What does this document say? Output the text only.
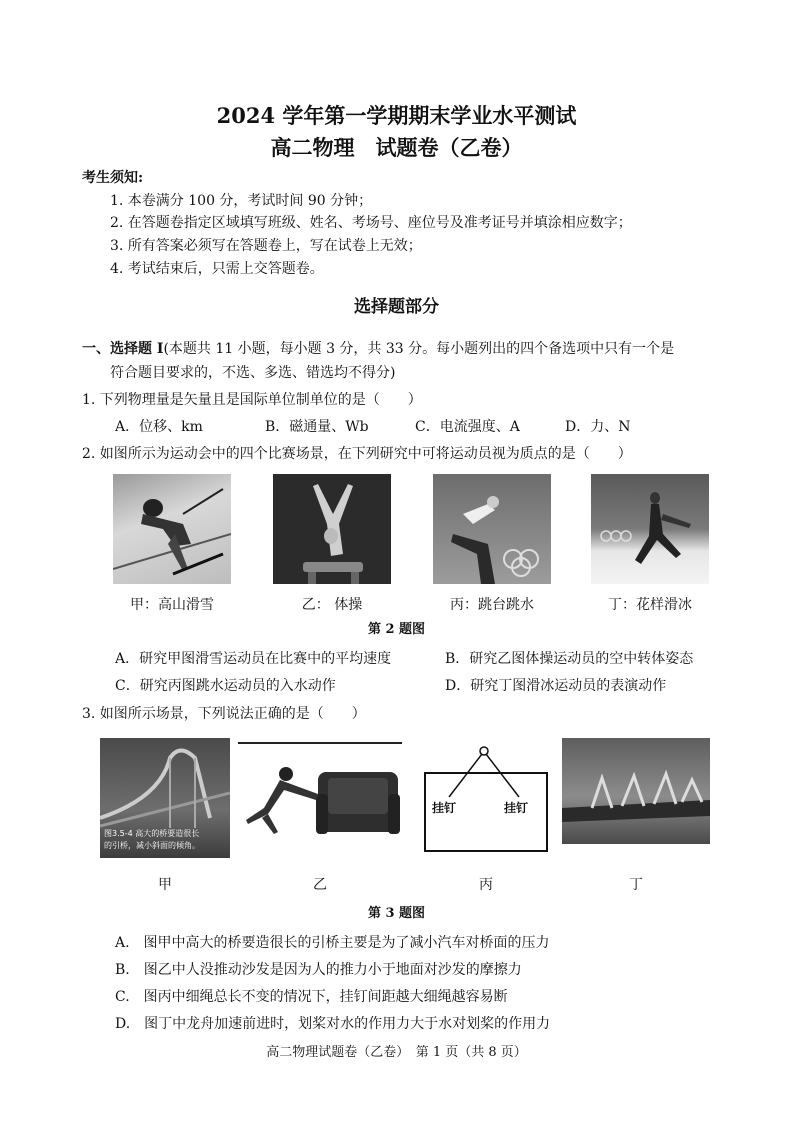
2024 学年第一学期期末学业水平测试
高二物理　试题卷（乙卷）
考生须知:
1. 本卷满分 100 分，考试时间 90 分钟；
2. 在答题卷指定区域填写班级、姓名、考场号、座位号及准考证号并填涂相应数字；
3. 所有答案必须写在答题卷上，写在试卷上无效；
4. 考试结束后，只需上交答题卷。
选择题部分
一、选择题 I(本题共 11 小题，每小题 3 分，共 33 分。每小题列出的四个备选项中只有一个是
符合题目要求的，不选、多选、错选均不得分)
1. 下列物理量是矢量且是国际单位制单位的是（　　）
A．位移、km	B．磁通量、Wb	C．电流强度、A	D．力、N
2. 如图所示为运动会中的四个比赛场景，在下列研究中可将运动员视为质点的是（　　）
甲：高山滑雪	乙： 体操	丙：跳台跳水	丁：花样滑冰
第 2 题图
A．研究甲图滑雪运动员在比赛中的平均速度	B．研究乙图体操运动员的空中转体姿态
C．研究丙图跳水运动员的入水动作	D．研究丁图滑冰运动员的表演动作
3. 如图所示场景，下列说法正确的是（　　）
图3.5-4 高大的桥要造很长
的引桥，减小斜面的倾角。
挂钉	挂钉
甲	乙	丙	丁
第 3 题图
A.　图甲中高大的桥要造很长的引桥主要是为了减小汽车对桥面的压力
B.　图乙中人没推动沙发是因为人的推力小于地面对沙发的摩擦力
C.　图丙中细绳总长不变的情况下，挂钉间距越大细绳越容易断
D.　图丁中龙舟加速前进时，划桨对水的作用力大于水对划桨的作用力
高二物理试题卷（乙卷）　第 1 页（共 8 页）
